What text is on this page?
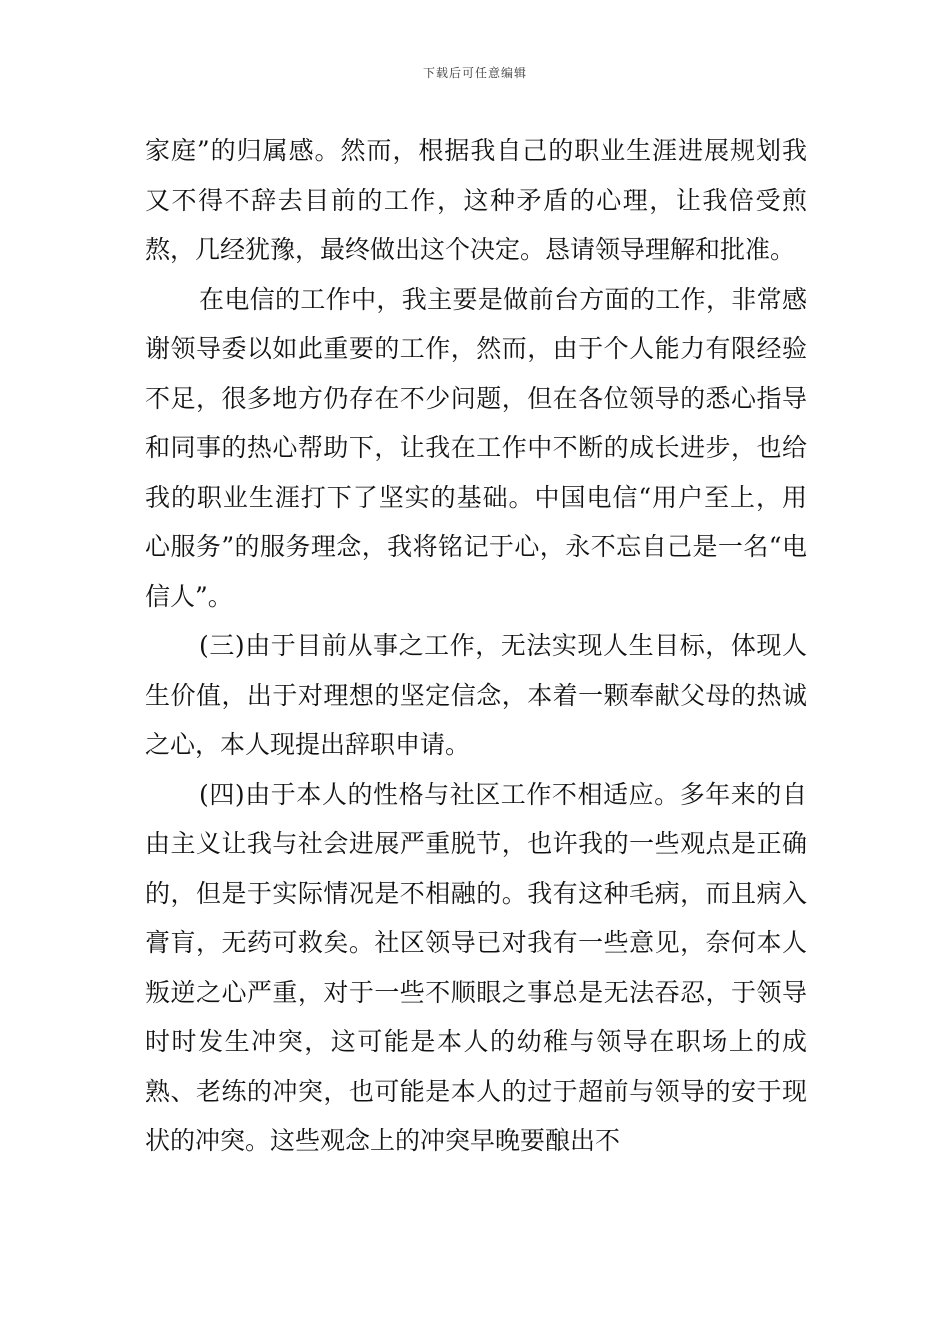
下载后可任意编辑

家庭”的归属感。然而，根据我自己的职业生涯进展规划我又不得不辞去目前的工作，这种矛盾的心理，让我倍受煎熬，几经犹豫，最终做出这个决定。恳请领导理解和批准。

在电信的工作中，我主要是做前台方面的工作，非常感谢领导委以如此重要的工作，然而，由于个人能力有限经验不足，很多地方仍存在不少问题，但在各位领导的悉心指导和同事的热心帮助下，让我在工作中不断的成长进步，也给我的职业生涯打下了坚实的基础。中国电信“用户至上，用心服务”的服务理念，我将铭记于心，永不忘自己是一名“电信人”。

(三)由于目前从事之工作，无法实现人生目标，体现人生价值，出于对理想的坚定信念，本着一颗奉献父母的热诚之心，本人现提出辞职申请。

(四)由于本人的性格与社区工作不相适应。多年来的自由主义让我与社会进展严重脱节，也许我的一些观点是正确的，但是于实际情况是不相融的。我有这种毛病，而且病入膏肓，无药可救矣。社区领导已对我有一些意见，奈何本人叛逆之心严重，对于一些不顺眼之事总是无法吞忍，于领导时时发生冲突，这可能是本人的幼稚与领导在职场上的成熟、老练的冲突，也可能是本人的过于超前与领导的安于现状的冲突。这些观念上的冲突早晚要酿出不
